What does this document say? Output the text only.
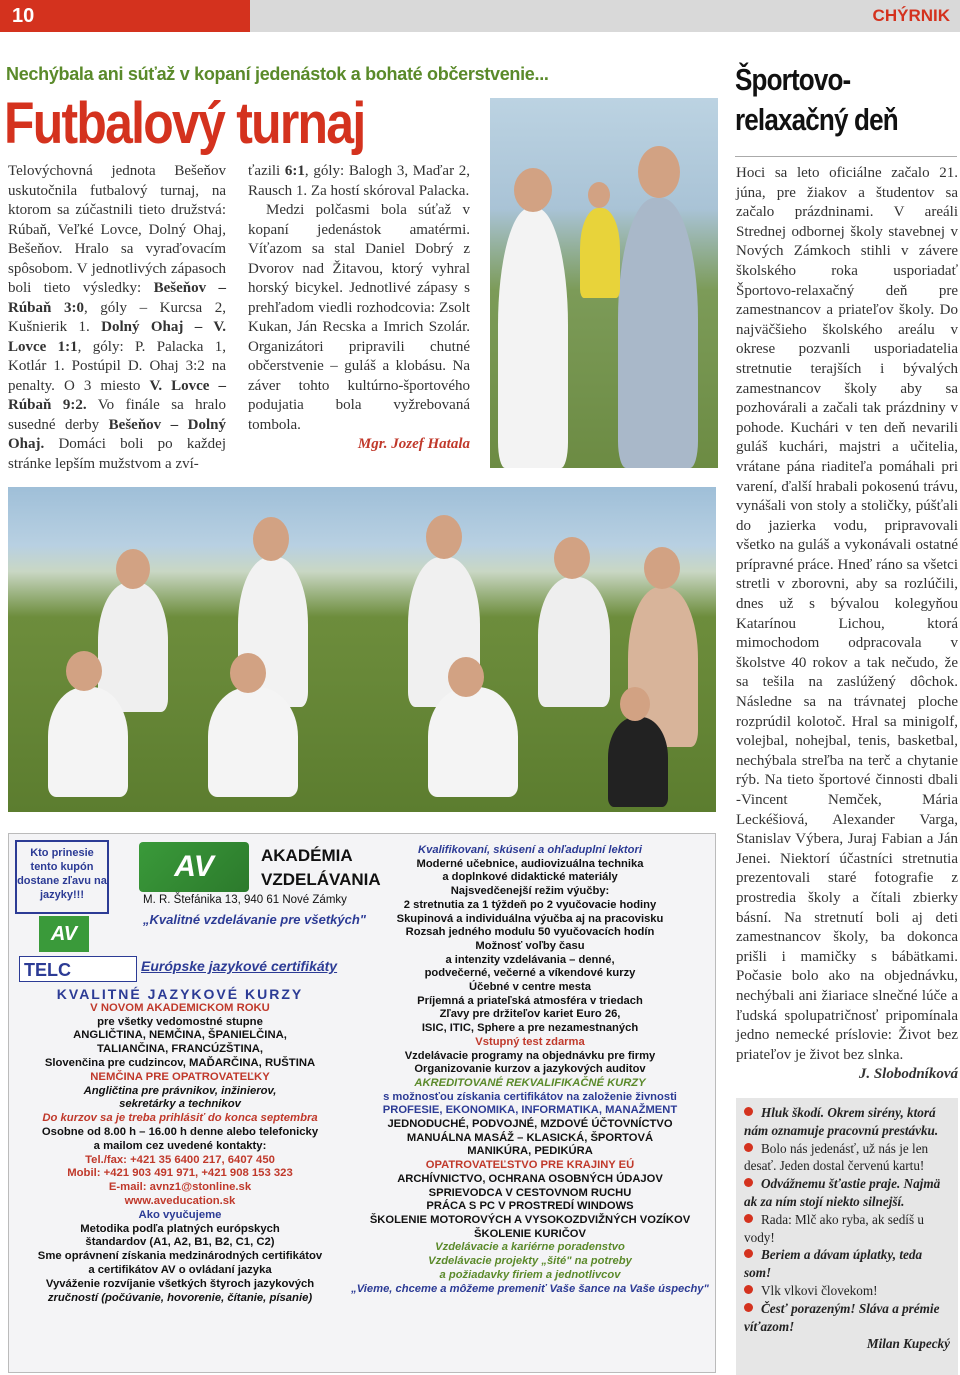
10	CHÝRNIK
Nechýbala ani súťaž v kopaní jedenástok a bohaté občerstvenie...
Futbalový turnaj
Telovýchovná jednota Bešeňov uskutočnila futbalový turnaj, na ktorom sa zúčastnili tieto družstvá: Rúbaň, Veľké Lovce, Dolný Ohaj, Bešeňov. Hralo sa vyraďovacím spôsobom. V jednotlivých zápasoch boli tieto výsledky: Bešeňov – Rúbaň 3:0, góly – Kurcsa 2, Kušnierik 1. Dolný Ohaj – V. Lovce 1:1, góly: P. Palacka 1, Kotlár 1. Postúpil D. Ohaj 3:2 na penalty. O 3 miesto V. Lovce – Rúbaň 9:2. Vo finále sa hralo susedné derby Bešeňov – Dolný Ohaj. Domáci boli po každej stránke lepším mužstvom a zví-
ťazili 6:1, góly: Balogh 3, Maďar 2, Rausch 1. Za hostí skóroval Palacka.
Medzi polčasmi bola súťaž v kopaní jedenástok amatérmi. Víťazom sa stal Daniel Dobrý z Dvorov nad Žitavou, ktorý vyhral horský bicykel. Jednotlivé zápasy s prehľadom viedli rozhodcovia: Zsolt Kukan, Ján Recska a Imrich Szolár. Organizátori pripravili chutné občerstvenie – guláš a klobásu. Na záver tohto kultúrno-športového podujatia bola vyžrebovaná tombola.
Mgr. Jozef Hatala
Kto prinesie tento kupón dostane zľavu na jazyky!!!
AV
AV
AKADÉMIA
VZDELÁVANIA
M. R. Štefánika 13, 940 61 Nové Zámky
„Kvalitné vzdelávanie pre všetkých"
TELC	Európske jazykové certifikáty
KVALITNÉ JAZYKOVÉ KURZY
V NOVOM AKADEMICKOM ROKU
pre všetky vedomostné stupne
ANGLIČTINA, NEMČINA, ŠPANIELČINA,
TALIANČINA, FRANCÚZŠTINA,
Slovenčina pre cudzincov, MAĎARČINA, RUŠTINA
NEMČINA PRE OPATROVATEĽKY
Angličtina pre právnikov, inžinierov,
sekretárky a technikov
Do kurzov sa je treba prihlásiť do konca septembra
Osobne od 8.00 h – 16.00 h denne alebo telefonicky
a mailom cez uvedené kontakty:
Tel./fax: +421 35 6400 217, 6407 450
Mobil: +421 903 491 971, +421 908 153 323
E-mail: avnz1@stonline.sk
www.aveducation.sk
Ako vyučujeme
Metodika podľa platných európskych
štandardov (A1, A2, B1, B2, C1, C2)
Sme oprávnení získania medzinárodných certifikátov
a certifikátov AV o ovládaní jazyka
Vyváženie rozvíjanie všetkých štyroch jazykových
zručností (počúvanie, hovorenie, čítanie, písanie)
Kvalifikovaní, skúsení a ohľaduplní lektori
Moderné učebnice, audiovizuálna technika
a doplnkové didaktické materiály
Najsvedčenejší režim výučby:
2 stretnutia za 1 týždeň po 2 vyučovacie hodiny
Skupinová a individuálna výučba aj na pracovisku
Rozsah jedného modulu 50 vyučovacích hodín
Možnosť voľby času
a intenzity vzdelávania – denné,
podvečerné, večerné a víkendové kurzy
Účebné v centre mesta
Príjemná a priateľská atmosféra v triedach
Zľavy pre držiteľov kariet Euro 26,
ISIC, ITIC, Sphere a pre nezamestnaných
Vstupný test zdarma
Vzdelávacie programy na objednávku pre firmy
Organizovanie kurzov a jazykových auditov
AKREDITOVANÉ REKVALIFIKAČNÉ KURZY
s možnosťou získania certifikátov na založenie živnosti
PROFESIE, EKONOMIKA, INFORMATIKA, MANAŽMENT
JEDNODUCHÉ, PODVOJNÉ, MZDOVÉ ÚČTOVNÍCTVO
MANUÁLNA MASÁŽ – KLASICKÁ, ŠPORTOVÁ
MANIKÚRA, PEDIKÚRA
OPATROVATEĽSTVO PRE KRAJINY EÚ
ARCHÍVNICTVO, OCHRANA OSOBNÝCH ÚDAJOV
SPRIEVODCA V CESTOVNOM RUCHU
PRÁCA S PC V PROSTREDÍ WINDOWS
ŠKOLENIE MOTOROVÝCH A VYSOKOZDVIŽNÝCH VOZÍKOV
ŠKOLENIE KURIČOV
Vzdelávacie a kariérne poradenstvo
Vzdelávacie projekty „šité" na potreby
a požiadavky firiem a jednotlivcov
„Vieme, chceme a môžeme premeniť Vaše šance na Vaše úspechy"
Športovo-relaxačný deň
Hoci sa leto oficiálne začalo 21. júna, pre žiakov a študentov sa začalo prázdninami. V areáli Strednej odbornej školy stavebnej v Nových Zámkoch stihli v závere školského roka usporiadať Športovo-relaxačný deň pre zamestnancov a priateľov školy. Do najväčšieho školského areálu v okrese pozvanli usporiadatelia stretnutie terajších i bývalých zamestnancov školy aby sa pozhovárali a začali tak prázdniny v pohode. Kuchári v ten deň nevarili guláš kuchári, majstri a učitelia, vrátane pána riaditeľa pomáhali pri varení, ďalší hrabali pokosenú trávu, vynášali von stoly a stoličky, púšťali do jazierka vodu, pripravovali všetko na guláš a vykonávali ostatné prípravné práce. Hneď ráno sa všetci stretli v zborovni, aby sa rozlúčili, dnes už s bývalou kolegyňou Katarínou Lichou, ktorá mimochodom odpracovala v školstve 40 rokov a tak nečudo, že sa tešila na zaslúžený dôchok. Následne sa na trávnatej ploche rozprúdil kolotoč. Hral sa minigolf, volejbal, nohejbal, tenis, basketbal, nechýbala streľba na terč a chytanie rýb. Na tieto športové činnosti dbali -Vincent Nemček, Mária Leckéšiová, Alexander Varga, Stanislav Výbera, Juraj Fabian a Ján Jenei. Niektorí účastníci stretnutia prezentovali staré fotografie z prostredia školy a čítali zbierky básní. Na stretnutí boli aj deti zamestnancov školy, ba dokonca prišli i mamičky s bábätkami. Počasie bolo ako na objednávku, nechýbali ani žiariace slnečné lúče a ľudská spolupatričnosť pripomínala jedno nemecké príslovie: Život bez priateľov je život bez slnka.
J. Slobodníková
Hluk škodí. Okrem sirény, ktorá nám oznamuje pracovnú prestávku.
Bolo nás jedenásť, už nás je len desať. Jeden dostal červenú kartu!
Odvážnemu šťastie praje. Najmä ak za ním stojí niekto silnejší.
Rada: Mlč ako ryba, ak sedíš u vody!
Beriem a dávam úplatky, teda som!
Vlk vlkovi človekom!
Česť porazeným! Sláva a prémie víťazom!
Milan Kupecký
